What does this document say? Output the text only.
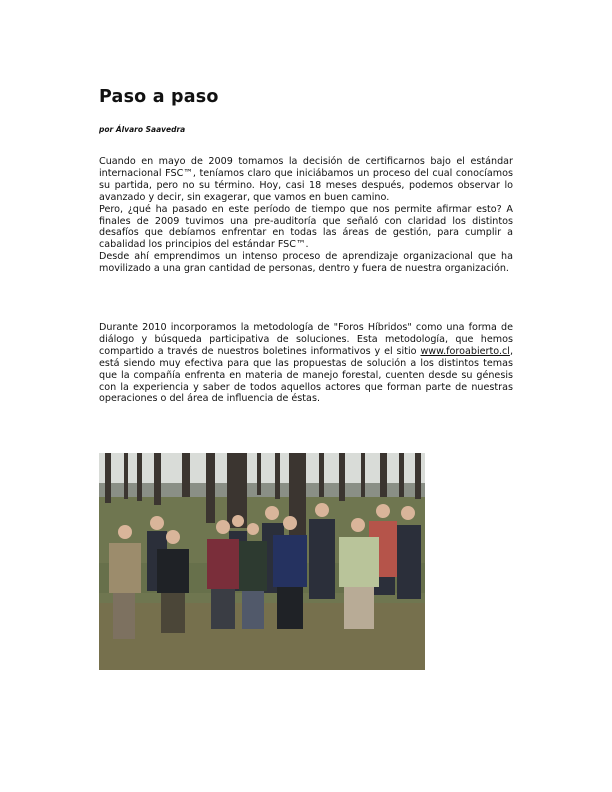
Paso a paso
por Álvaro Saavedra

Cuando en mayo de 2009 tomamos la decisión de certificarnos bajo el estándar internacional FSC™, teníamos claro que iniciábamos un proceso del cual conocíamos su partida, pero no su término. Hoy, casi 18 meses después, podemos observar lo avanzado y decir, sin exagerar, que vamos en buen camino.

Pero, ¿qué ha pasado en este período de tiempo que nos permite afirmar esto? A finales de 2009 tuvimos una pre-auditoría que señaló con claridad los distintos desafíos que debíamos enfrentar en todas las áreas de gestión, para cumplir a cabalidad los principios del estándar FSC™.

Desde ahí emprendimos un intenso proceso de aprendizaje organizacional que ha movilizado a una gran cantidad de personas, dentro y fuera de nuestra organización.

Durante 2010 incorporamos la metodología de "Foros Híbridos" como una forma de diálogo y búsqueda participativa de soluciones. Esta metodología, que hemos compartido a través de nuestros boletines informativos y el sitio www.foroabierto.cl, está siendo muy efectiva para que las propuestas de solución a los distintos temas que la compañía enfrenta en materia de manejo forestal, cuenten desde su génesis con la experiencia y saber de todos aquellos actores que forman parte de nuestras operaciones o del área de influencia de éstas.
